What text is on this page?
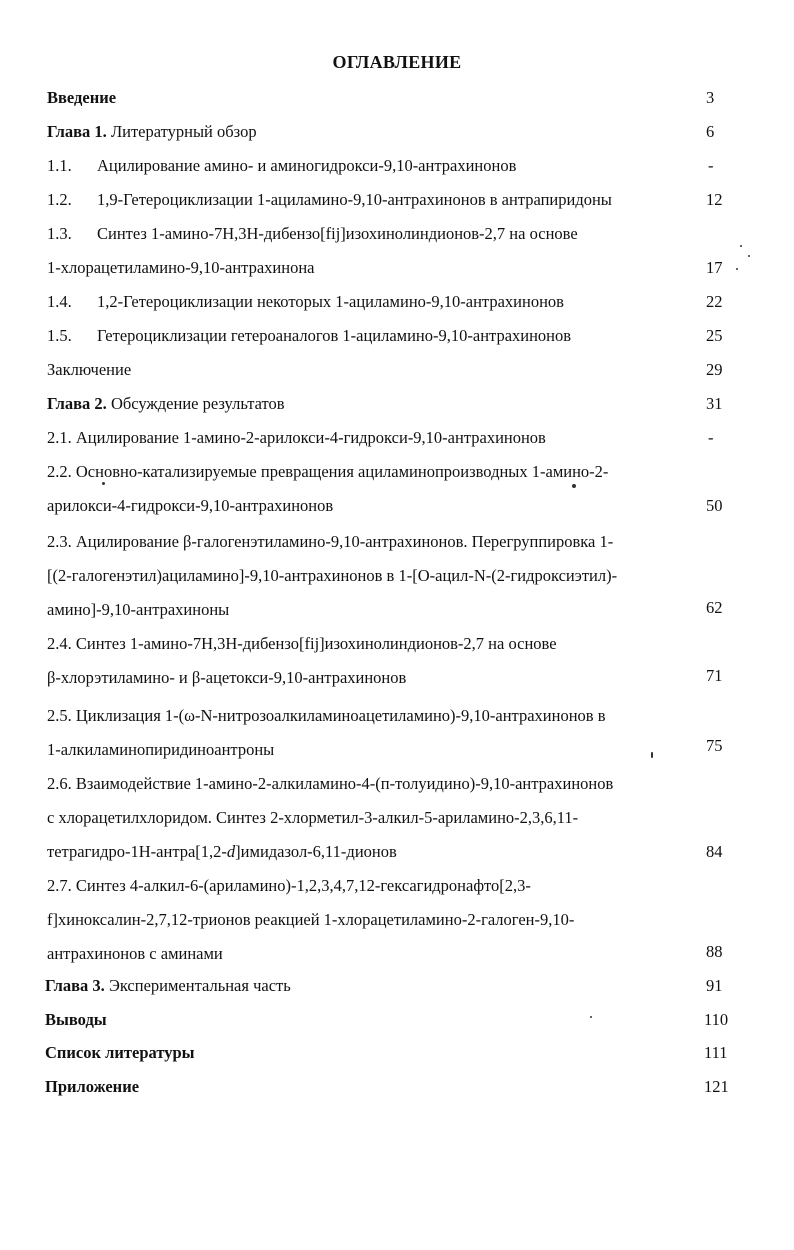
ОГЛАВЛЕНИЕ
Введение	3
Глава 1. Литературный обзор	6
1.1. Ацилирование амино- и аминогидрокси-9,10-антрахинонов	-
1.2. 1,9-Гетероциклизации 1-ациламино-9,10-антрахинонов в антрапиридоны	12
1.3. Синтез 1-амино-7Н,3Н-дибензо[fij]изохинолиндионов-2,7 на основе
1-хлорацетиламино-9,10-антрахинона	17
1.4. 1,2-Гетероциклизации некоторых 1-ациламино-9,10-антрахинонов	22
1.5. Гетероциклизации гетероаналогов 1-ациламино-9,10-антрахинонов	25
Заключение	29
Глава 2. Обсуждение результатов	31
2.1. Ацилирование 1-амино-2-арилокси-4-гидрокси-9,10-антрахинонов	-
2.2. Основно-катализируемые превращения ациламинопроизводных 1-амино-2-
арилокси-4-гидрокси-9,10-антрахинонов	50
2.3. Ацилирование β-галогенэтиламино-9,10-антрахинонов. Перегруппировка 1-
[(2-галогенэтил)ациламино]-9,10-антрахинонов в 1-[О-ацил-N-(2-гидроксиэтил)-
амино]-9,10-антрахиноны	62
2.4. Синтез 1-амино-7Н,3Н-дибензо[fij]изохинолиндионов-2,7 на основе
β-хлорэтиламино- и β-ацетокси-9,10-антрахинонов	71
2.5. Циклизация 1-(ω-N-нитрозоалкиламиноацетиламино)-9,10-антрахинонов в
1-алкиламинопиридиноантроны	75
2.6. Взаимодействие 1-амино-2-алкиламино-4-(п-толуидино)-9,10-антрахинонов
с хлорацетилхлоридом. Синтез 2-хлорметил-3-алкил-5-ариламино-2,3,6,11-
тетрагидро-1Н-антра[1,2-d]имидазол-6,11-дионов	84
2.7. Синтез 4-алкил-6-(ариламино)-1,2,3,4,7,12-гексагидронафто[2,3-
f]хиноксалин-2,7,12-трионов реакцией 1-хлорацетиламино-2-галоген-9,10-
антрахинонов с аминами	88
Глава 3. Экспериментальная часть	91
Выводы	110
Список литературы	111
Приложение	121
